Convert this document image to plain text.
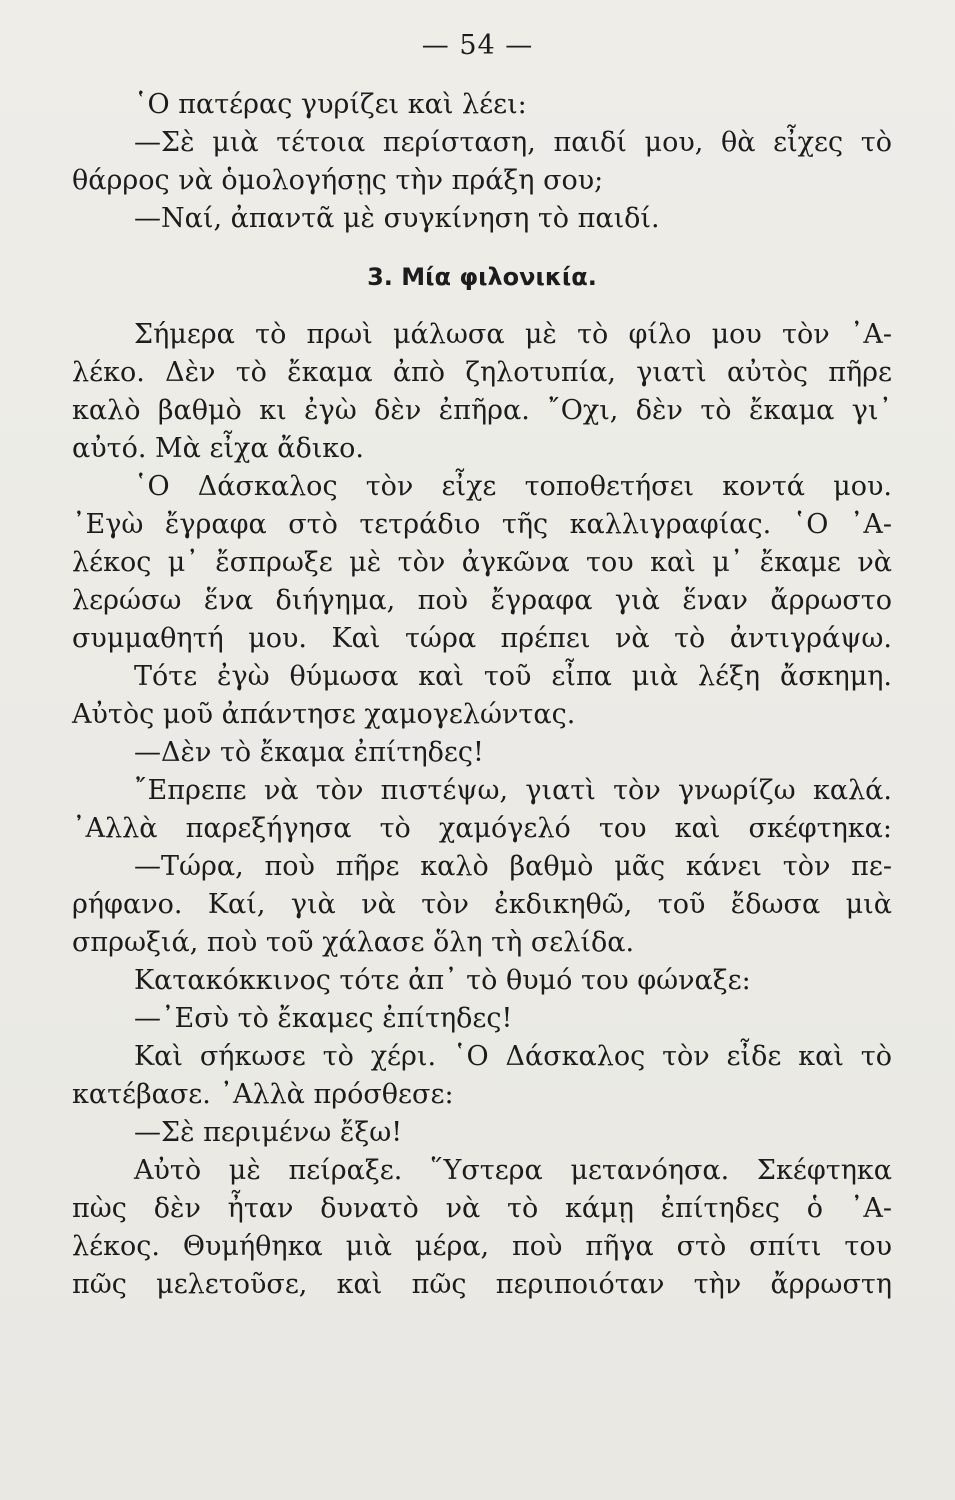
— 54 —
῾Ο πατέρας γυρίζει καὶ λέει:
—Σὲ μιὰ τέτοια περίσταση, παιδί μου, θὰ εἶχες τὸ
θάρρος νὰ ὁμολογήσῃς τὴν πράξη σου;
—Ναί, ἀπαντᾶ μὲ συγκίνηση τὸ παιδί.
3. Μία φιλονικία.
Σήμερα τὸ πρωὶ μάλωσα μὲ τὸ φίλο μου τὸν ᾿Α-
λέκο. Δὲν τὸ ἔκαμα ἀπὸ ζηλοτυπία, γιατὶ αὐτὸς πῆρε
καλὸ βαθμὸ κι ἐγὼ δὲν ἐπῆρα. ῎Οχι, δὲν τὸ ἔκαμα γι᾿
αὐτό. Μὰ εἶχα ἄδικο.
῾Ο Δάσκαλος τὸν εἶχε τοποθετήσει κοντά μου.
᾿Εγὼ ἔγραφα στὸ τετράδιο τῆς καλλιγραφίας. ῾Ο ᾿Α-
λέκος μ᾿ ἔσπρωξε μὲ τὸν ἀγκῶνα του καὶ μ᾿ ἔκαμε νὰ
λερώσω ἕνα διήγημα, ποὺ ἔγραφα γιὰ ἕναν ἄρρωστο
συμμαθητή μου. Καὶ τώρα πρέπει νὰ τὸ ἀντιγράψω.
Τότε ἐγὼ θύμωσα καὶ τοῦ εἶπα μιὰ λέξη ἄσκημη.
Αὐτὸς μοῦ ἀπάντησε χαμογελώντας.
—Δὲν τὸ ἔκαμα ἐπίτηδες!
῎Επρεπε νὰ τὸν πιστέψω, γιατὶ τὸν γνωρίζω καλά.
᾿Αλλὰ παρεξήγησα τὸ χαμόγελό του καὶ σκέφτηκα:
—Τώρα, ποὺ πῆρε καλὸ βαθμὸ μᾶς κάνει τὸν πε-
ρήφανο. Καί, γιὰ νὰ τὸν ἐκδικηθῶ, τοῦ ἔδωσα μιὰ
σπρωξιά, ποὺ τοῦ χάλασε ὅλη τὴ σελίδα.
Κατακόκκινος τότε ἀπ᾿ τὸ θυμό του φώναξε:
—᾿Εσὺ τὸ ἔκαμες ἐπίτηδες!
Καὶ σήκωσε τὸ χέρι. ῾Ο Δάσκαλος τὸν εἶδε καὶ τὸ
κατέβασε. ᾿Αλλὰ πρόσθεσε:
—Σὲ περιμένω ἔξω!
Αὐτὸ μὲ πείραξε. ῞Υστερα μετανόησα. Σκέφτηκα
πὼς δὲν ἦταν δυνατὸ νὰ τὸ κάμῃ ἐπίτηδες ὁ ᾿Α-
λέκος. Θυμήθηκα μιὰ μέρα, ποὺ πῆγα στὸ σπίτι του
πῶς μελετοῦσε, καὶ πῶς περιποιόταν τὴν ἄρρωστη
